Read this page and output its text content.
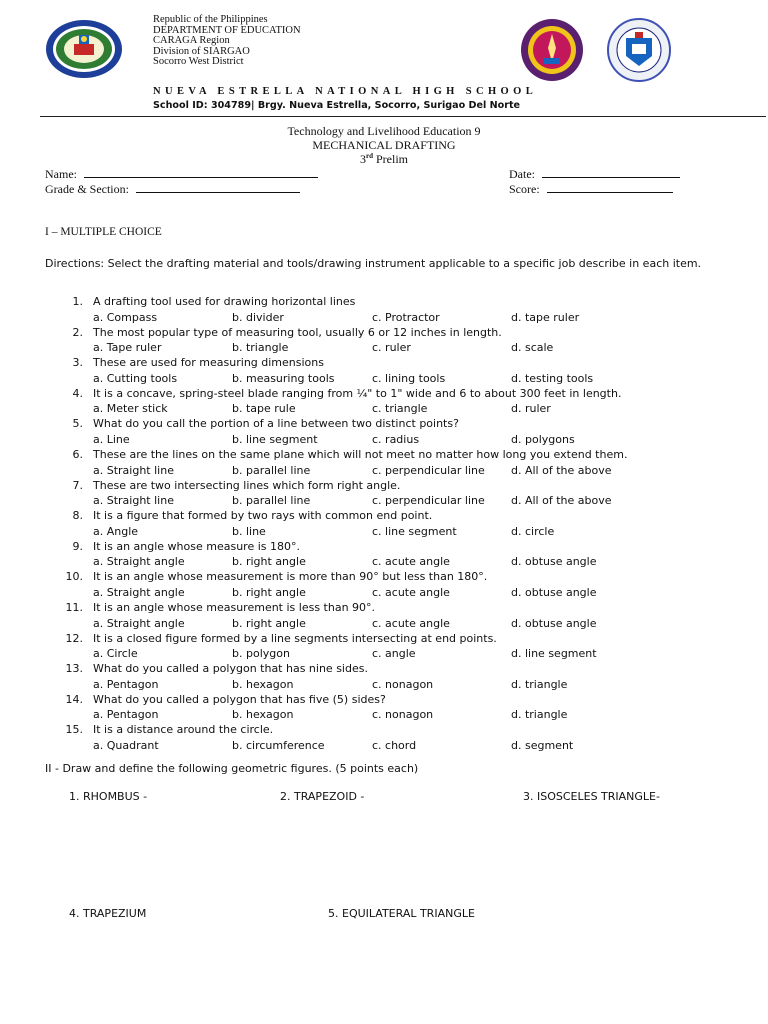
Republic of the Philippines
DEPARTMENT OF EDUCATION
CARAGA Region
Division of SIARGAO
Socorro West District
NUEVA ESTRELLA NATIONAL HIGH SCHOOL
School ID: 304789| Brgy. Nueva Estrella, Socorro, Surigao Del Norte
Technology and Livelihood Education 9
MECHANICAL DRAFTING
3rd Prelim
Name:	Date:
Grade & Section:	Score:
I – MULTIPLE CHOICE
Directions: Select the drafting material and tools/drawing instrument applicable to a specific job describe in each item.
1. A drafting tool used for drawing horizontal lines
a. Compass	b. divider	c. Protractor	d. tape ruler
2. The most popular type of measuring tool, usually 6 or 12 inches in length.
a. Tape ruler	b. triangle	c. ruler	d. scale
3. These are used for measuring dimensions
a. Cutting tools	b. measuring tools	c. lining tools	d. testing tools
4. It is a concave, spring-steel blade ranging from ¼" to 1" wide and 6 to about 300 feet in length.
a. Meter stick	b. tape rule	c. triangle	d. ruler
5. What do you call the portion of a line between two distinct points?
a. Line	b. line segment	c. radius	d. polygons
6. These are the lines on the same plane which will not meet no matter how long you extend them.
a. Straight line	b. parallel line	c. perpendicular line d. All of the above
7. These are two intersecting lines which form right angle.
a. Straight line	b. parallel line	c. perpendicular line d. All of the above
8. It is a figure that formed by two rays with common end point.
a. Angle	b. line	c. line segment	d. circle
9. It is an angle whose measure is 180°.
a. Straight angle	b. right angle	c. acute angle	d. obtuse angle
10. It is an angle whose measurement is more than 90° but less than 180°.
a. Straight angle	b. right angle	c. acute angle	d. obtuse angle
11. It is an angle whose measurement is less than 90°.
a. Straight angle	b. right angle	c. acute angle	d. obtuse angle
12. It is a closed figure formed by a line segments intersecting at end points.
a. Circle	b. polygon	c. angle	d. line segment
13. What do you called a polygon that has nine sides.
a. Pentagon	b. hexagon	c. nonagon	d. triangle
14. What do you called a polygon that has five (5) sides?
a. Pentagon	b. hexagon	c. nonagon	d. triangle
15. It is a distance around the circle.
a. Quadrant	b. circumference	c. chord	d. segment
II - Draw and define the following geometric figures. (5 points each)
1. RHOMBUS -	2. TRAPEZOID -	3. ISOSCELES TRIANGLE-
4. TRAPEZIUM	5. EQUILATERAL TRIANGLE
